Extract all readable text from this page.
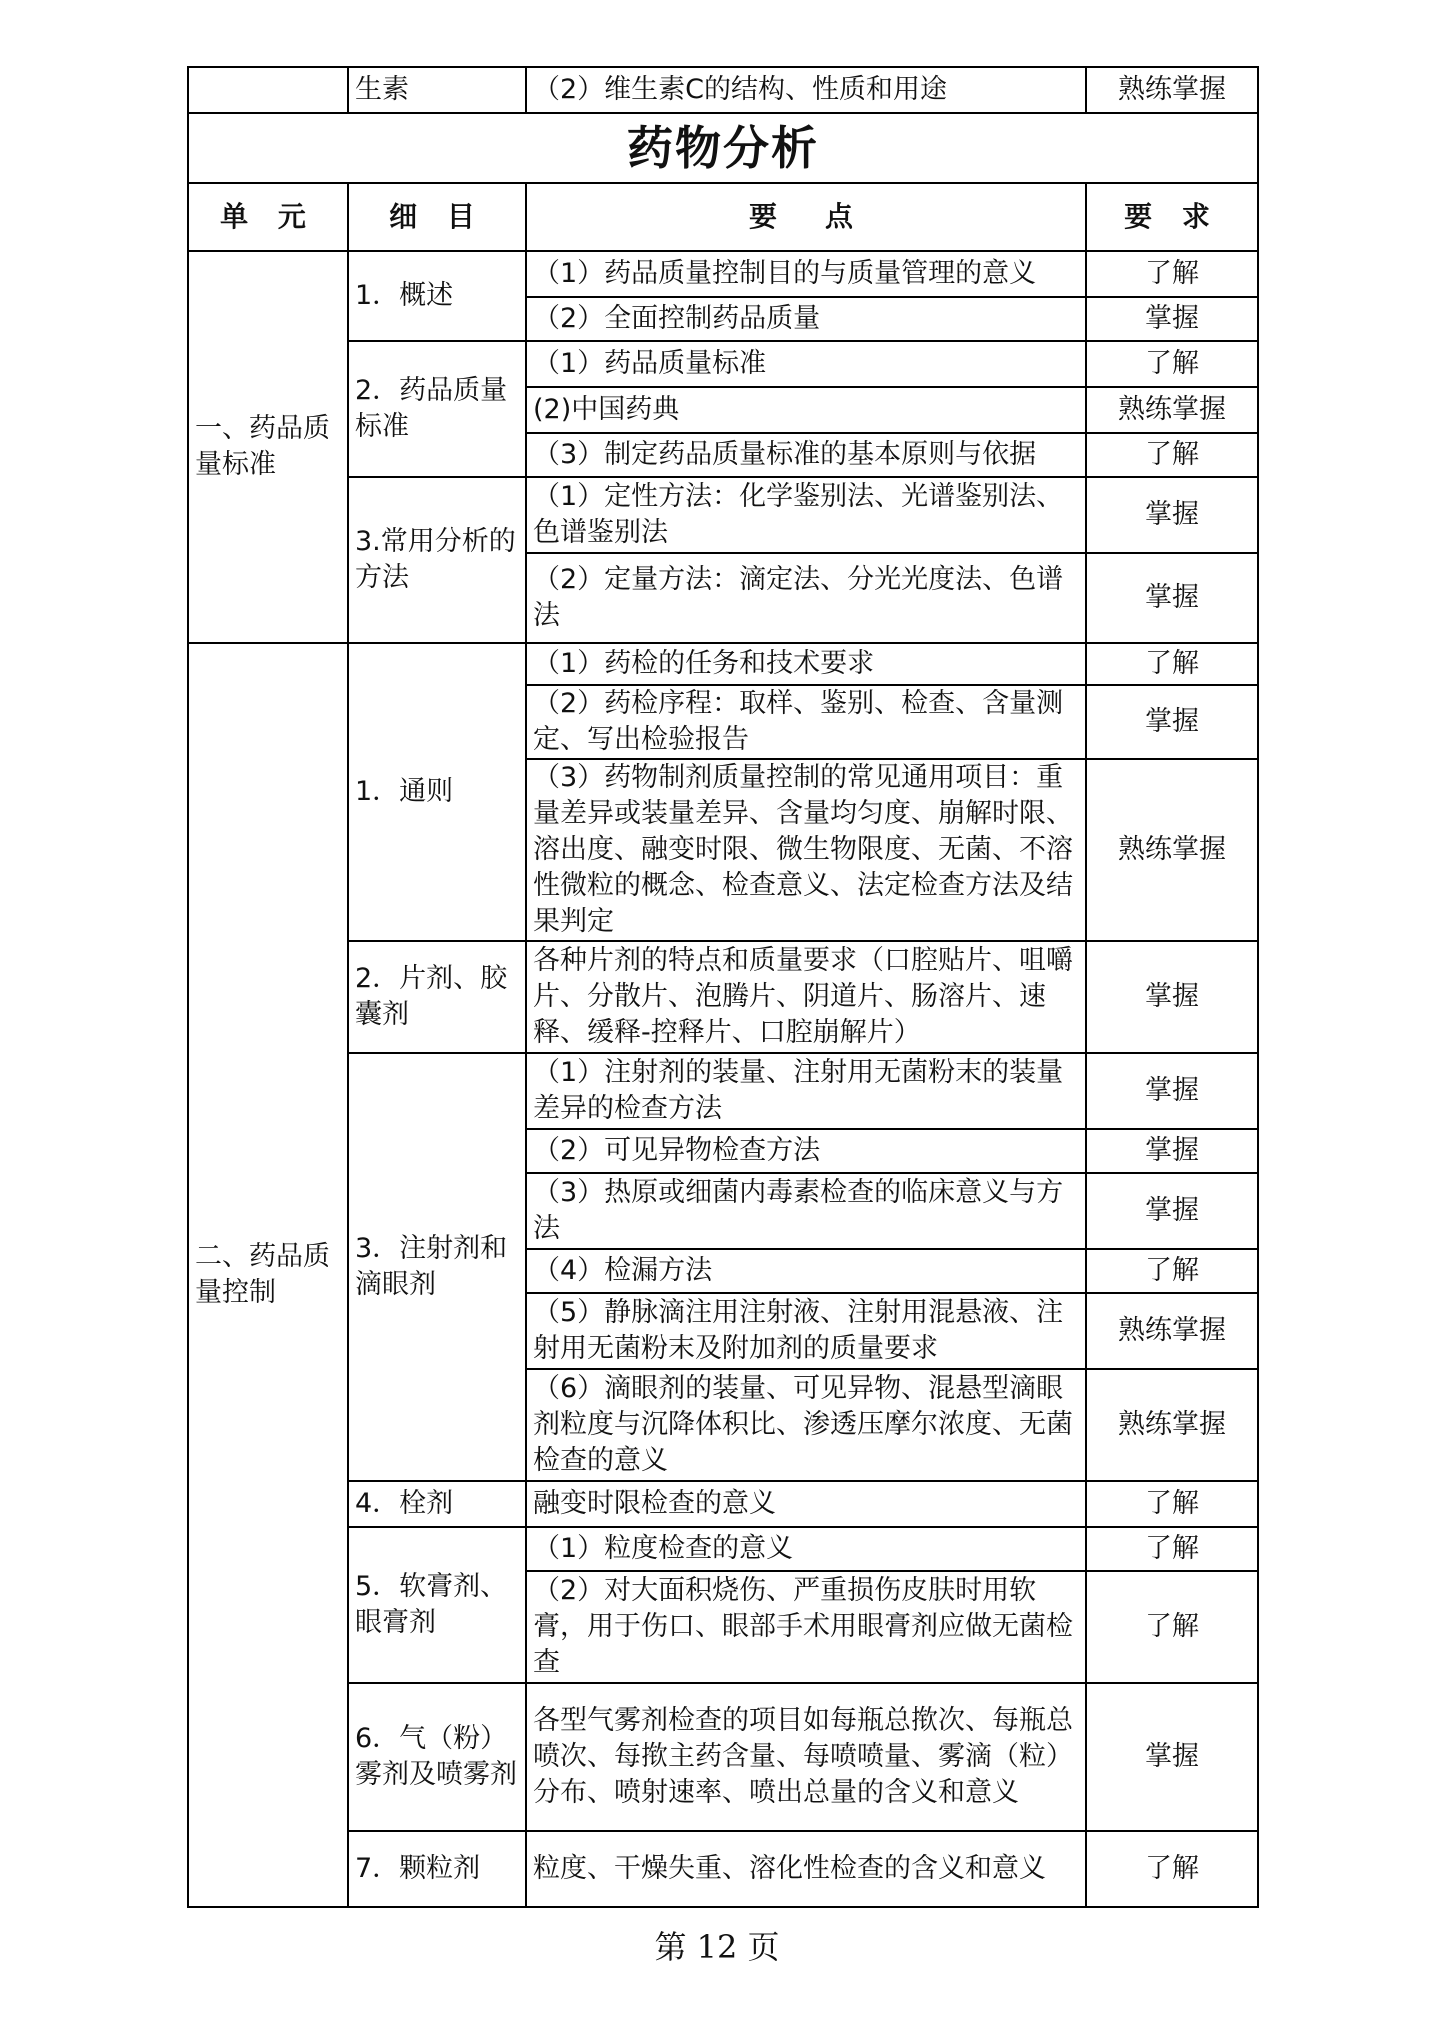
	生素	（2）维生素C的结构、性质和用途	熟练掌握
药物分析			
单 元	细 目	要　点	要 求
一、药品质量标准	1．概述	（1）药品质量控制目的与质量管理的意义	了解
		（2）全面控制药品质量	掌握
	2．药品质量标准	（1）药品质量标准	了解
		(2)中国药典	熟练掌握
		（3）制定药品质量标准的基本原则与依据	了解
	3.常用分析的方法	（1）定性方法：化学鉴别法、光谱鉴别法、色谱鉴别法	掌握
		（2）定量方法：滴定法、分光光度法、色谱法	掌握
二、药品质量控制	1．通则	（1）药检的任务和技术要求	了解
		（2）药检序程：取样、鉴别、检查、含量测定、写出检验报告	掌握
		（3）药物制剂质量控制的常见通用项目：重量差异或装量差异、含量均匀度、崩解时限、溶出度、融变时限、微生物限度、无菌、不溶性微粒的概念、检查意义、法定检查方法及结果判定	熟练掌握
	2．片剂、胶囊剂	各种片剂的特点和质量要求（口腔贴片、咀嚼片、分散片、泡腾片、阴道片、肠溶片、速释、缓释-控释片、口腔崩解片）	掌握
	3．注射剂和滴眼剂	（1）注射剂的装量、注射用无菌粉末的装量差异的检查方法	掌握
		（2）可见异物检查方法	掌握
		（3）热原或细菌内毒素检查的临床意义与方法	掌握
		（4）检漏方法	了解
		（5）静脉滴注用注射液、注射用混悬液、注射用无菌粉末及附加剂的质量要求	熟练掌握
		（6）滴眼剂的装量、可见异物、混悬型滴眼剂粒度与沉降体积比、渗透压摩尔浓度、无菌检查的意义	熟练掌握
	4．栓剂	融变时限检查的意义	了解
	5．软膏剂、眼膏剂	（1）粒度检查的意义	了解
		（2）对大面积烧伤、严重损伤皮肤时用软膏，用于伤口、眼部手术用眼膏剂应做无菌检查	了解
	6．气（粉）雾剂及喷雾剂	各型气雾剂检查的项目如每瓶总揿次、每瓶总喷次、每揿主药含量、每喷喷量、雾滴（粒）分布、喷射速率、喷出总量的含义和意义	掌握
	7．颗粒剂	粒度、干燥失重、溶化性检查的含义和意义	了解
第 12 页
